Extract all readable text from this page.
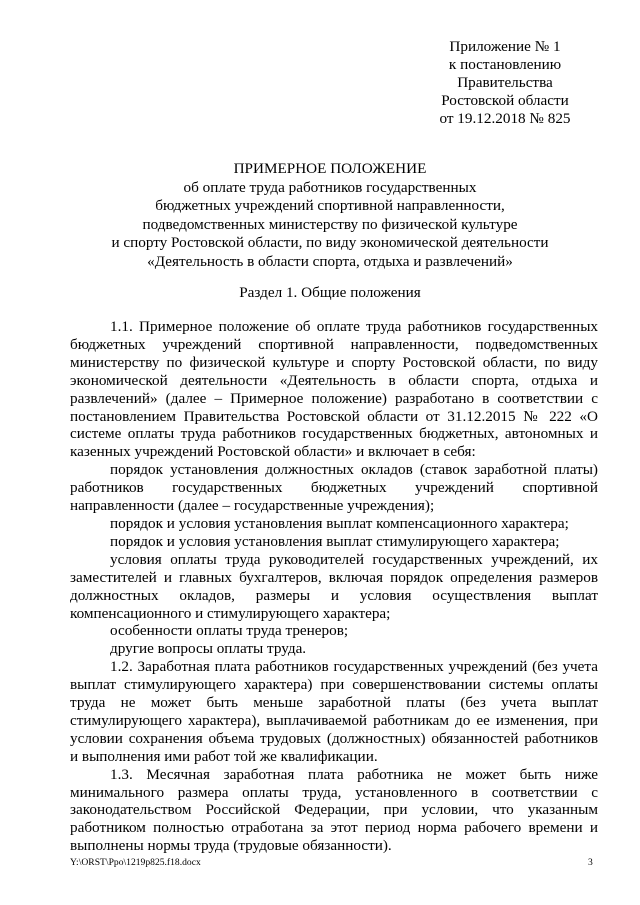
Приложение № 1
к постановлению
Правительства
Ростовской области
от 19.12.2018 № 825
ПРИМЕРНОЕ ПОЛОЖЕНИЕ
об оплате труда работников государственных
бюджетных учреждений спортивной направленности,
подведомственных министерству по физической культуре
и спорту Ростовской области, по виду экономической деятельности
«Деятельность в области спорта, отдыха и развлечений»
Раздел 1. Общие положения

1.1. Примерное положение об оплате труда работников государственных бюджетных учреждений спортивной направленности, подведомственных министерству по физической культуре и спорту Ростовской области, по виду экономической деятельности «Деятельность в области спорта, отдыха и развлечений» (далее – Примерное положение) разработано в соответствии с постановлением Правительства Ростовской области от 31.12.2015 № 222 «О системе оплаты труда работников государственных бюджетных, автономных и казенных учреждений Ростовской области» и включает в себя:

порядок установления должностных окладов (ставок заработной платы) работников государственных бюджетных учреждений спортивной направленности (далее – государственные учреждения);

порядок и условия установления выплат компенсационного характера;

порядок и условия установления выплат стимулирующего характера;

условия оплаты труда руководителей государственных учреждений, их заместителей и главных бухгалтеров, включая порядок определения размеров должностных окладов, размеры и условия осуществления выплат компенсационного и стимулирующего характера;

особенности оплаты труда тренеров;

другие вопросы оплаты труда.

1.2. Заработная плата работников государственных учреждений (без учета выплат стимулирующего характера) при совершенствовании системы оплаты труда не может быть меньше заработной платы (без учета выплат стимулирующего характера), выплачиваемой работникам до ее изменения, при условии сохранения объема трудовых (должностных) обязанностей работников и выполнения ими работ той же квалификации.

1.3. Месячная заработная плата работника не может быть ниже минимального размера оплаты труда, установленного в соответствии с законодательством Российской Федерации, при условии, что указанным работником полностью отработана за этот период норма рабочего времени и выполнены нормы труда (трудовые обязанности).

Y:\ORST\Ppo\1219p825.f18.docx	3
